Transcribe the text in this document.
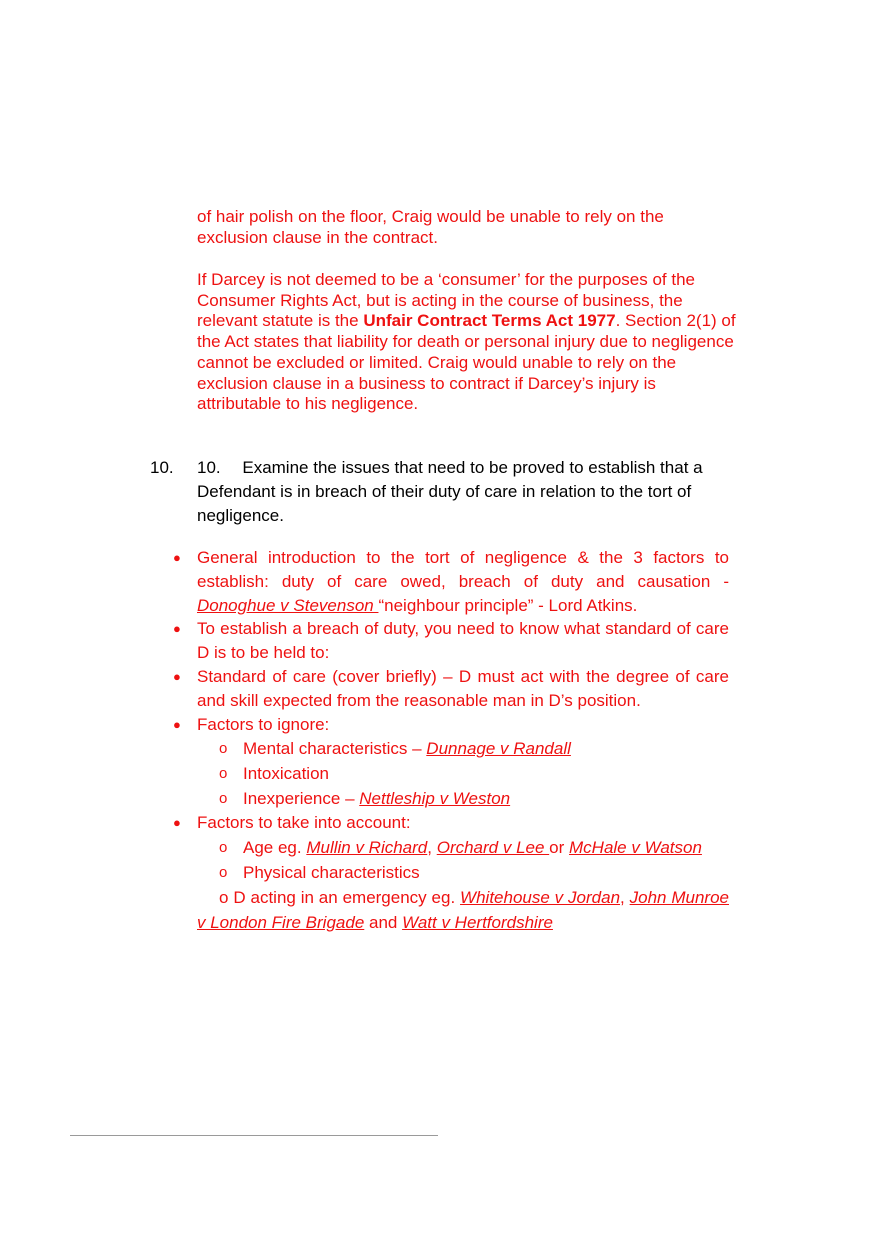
of hair polish on the floor, Craig would be unable to rely on the exclusion clause in the contract.
If Darcey is not deemed to be a ‘consumer’ for the purposes of the Consumer Rights Act, but is acting in the course of business, the relevant statute is the Unfair Contract Terms Act 1977. Section 2(1) of the Act states that liability for death or personal injury due to negligence cannot be excluded or limited. Craig would unable to rely on the exclusion clause in a business to contract if Darcey’s injury is attributable to his negligence.
10. 10.  Examine the issues that need to be proved to establish that a Defendant is in breach of their duty of care in relation to the tort of negligence.
● General introduction to the tort of negligence & the 3 factors to establish: duty of care owed, breach of duty and causation - Donoghue v Stevenson “neighbour principle” - Lord Atkins.
● To establish a breach of duty, you need to know what standard of care D is to be held to:
● Standard of care (cover briefly) – D must act with the degree of care and skill expected from the reasonable man in D’s position.
● Factors to ignore:
o Mental characteristics – Dunnage v Randall
o Intoxication
o Inexperience – Nettleship v Weston
● Factors to take into account:
o Age eg. Mullin v Richard, Orchard v Lee or McHale v Watson
o Physical characteristics
o D acting in an emergency eg. Whitehouse v Jordan, John Munroe v London Fire Brigade and Watt v Hertfordshire
